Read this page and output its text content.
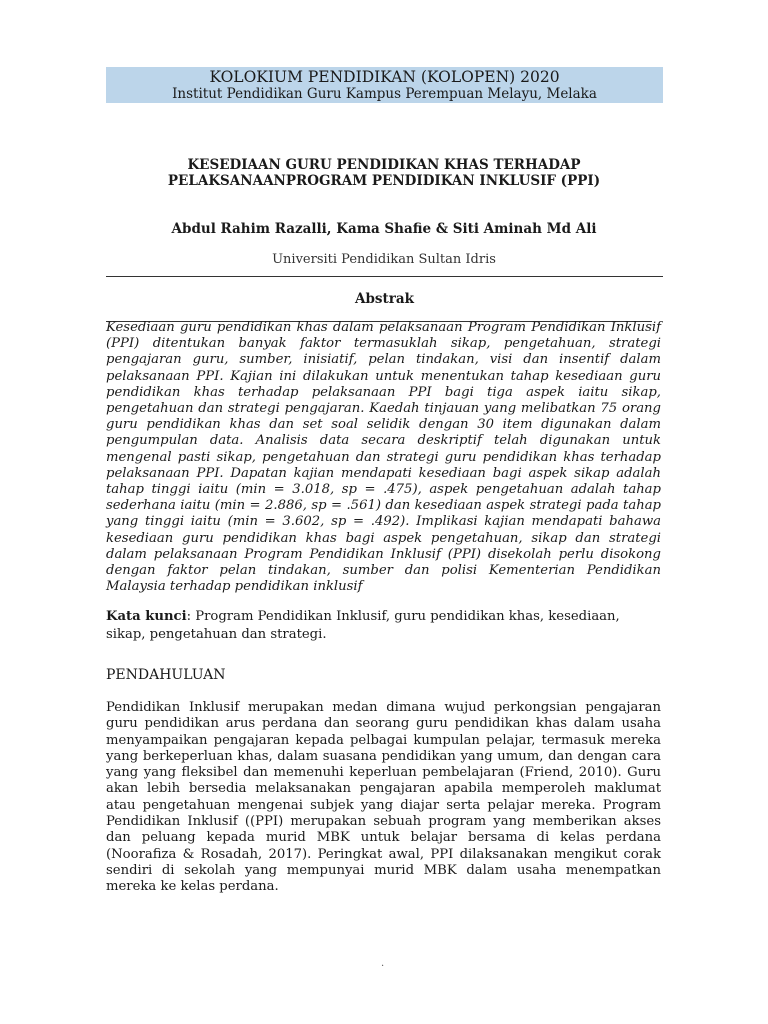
KOLOKIUM PENDIDIKAN (KOLOPEN) 2020
Institut Pendidikan Guru Kampus Perempuan Melayu, Melaka
KESEDIAAN GURU PENDIDIKAN KHAS TERHADAP PELAKSANAANPROGRAM PENDIDIKAN INKLUSIF (PPI)
Abdul Rahim Razalli, Kama Shafie & Siti Aminah Md Ali
Universiti Pendidikan Sultan Idris
Abstrak

Kesediaan guru pendidikan khas dalam pelaksanaan Program Pendidikan Inklusif (PPI) ditentukan banyak faktor termasuklah sikap, pengetahuan, strategi pengajaran guru, sumber, inisiatif, pelan tindakan, visi dan insentif dalam pelaksanaan PPI. Kajian ini dilakukan untuk menentukan tahap kesediaan guru pendidikan khas terhadap pelaksanaan PPI bagi tiga aspek iaitu sikap, pengetahuan dan strategi pengajaran. Kaedah tinjauan yang melibatkan 75 orang guru pendidikan khas dan set soal selidik dengan 30 item digunakan dalam pengumpulan data. Analisis data secara deskriptif telah digunakan untuk mengenal pasti sikap, pengetahuan dan strategi guru pendidikan khas terhadap pelaksanaan PPI. Dapatan kajian mendapati kesediaan bagi aspek sikap adalah tahap tinggi iaitu (min = 3.018, sp = .475), aspek pengetahuan adalah tahap sederhana iaitu (min = 2.886, sp = .561) dan kesediaan aspek strategi pada tahap yang tinggi iaitu (min = 3.602, sp = .492). Implikasi kajian mendapati bahawa kesediaan guru pendidikan khas bagi aspek pengetahuan, sikap dan strategi dalam pelaksanaan Program Pendidikan Inklusif (PPI) disekolah perlu disokong dengan faktor pelan tindakan, sumber dan polisi Kementerian Pendidikan Malaysia terhadap pendidikan inklusif

Kata kunci: Program Pendidikan Inklusif, guru pendidikan khas, kesediaan, sikap, pengetahuan dan strategi.

PENDAHULUAN

Pendidikan Inklusif merupakan medan dimana wujud perkongsian pengajaran guru pendidikan arus perdana dan seorang guru pendidikan khas dalam usaha menyampaikan pengajaran kepada pelbagai kumpulan pelajar, termasuk mereka yang berkeperluan khas, dalam suasana pendidikan yang umum, dan dengan cara yang yang fleksibel dan memenuhi keperluan pembelajaran (Friend, 2010). Guru akan lebih bersedia melaksanakan pengajaran apabila memperoleh maklumat atau pengetahuan mengenai subjek yang diajar serta pelajar mereka. Program Pendidikan Inklusif ((PPI) merupakan sebuah program yang memberikan akses dan peluang kepada murid MBK untuk belajar bersama di kelas perdana (Noorafiza & Rosadah, 2017). Peringkat awal, PPI dilaksanakan mengikut corak sendiri di sekolah yang mempunyai murid MBK dalam usaha menempatkan mereka ke kelas perdana.

.
